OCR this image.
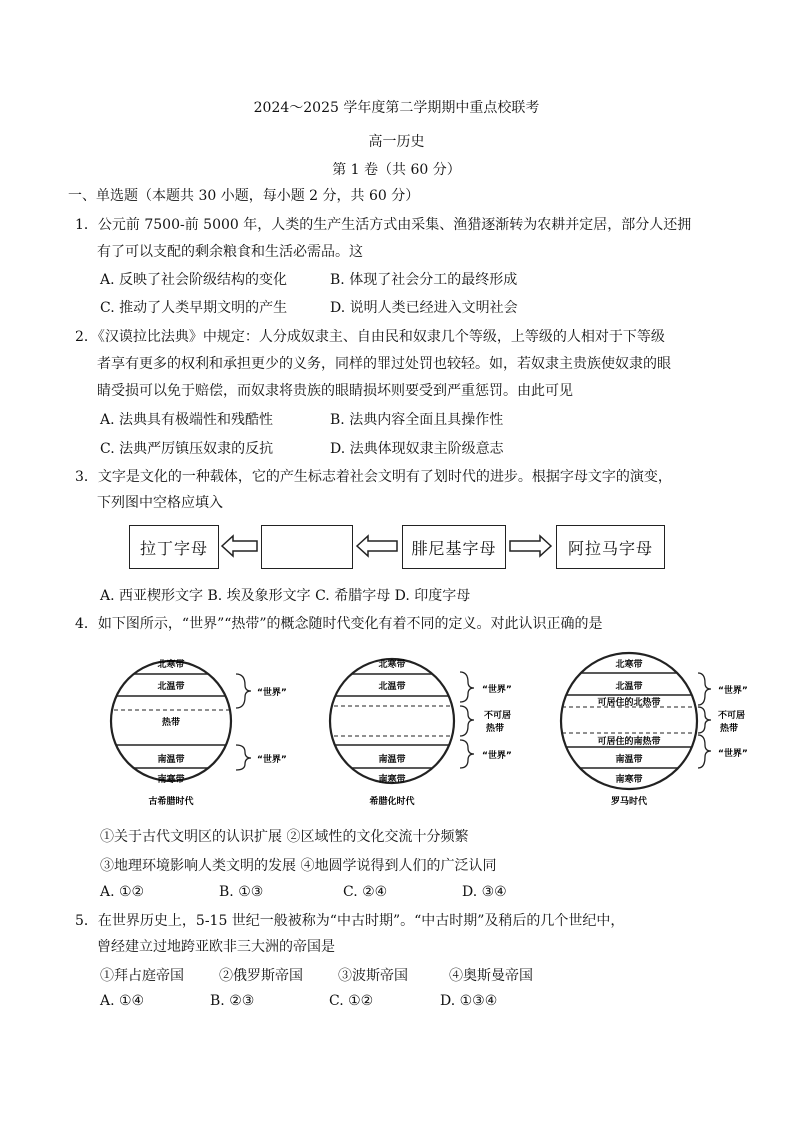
2024～2025 学年度第二学期期中重点校联考
高一历史
第 1 卷（共 60 分）
一、单选题（本题共 30 小题，每小题 2 分，共 60 分）
1．公元前 7500-前 5000 年，人类的生产生活方式由采集、渔猎逐渐转为农耕并定居，部分人还拥
有了可以支配的剩余粮食和生活必需品。这
A. 反映了社会阶级结构的变化	B. 体现了社会分工的最终形成
C. 推动了人类早期文明的产生	D. 说明人类已经进入文明社会
2．《汉谟拉比法典》中规定：人分成奴隶主、自由民和奴隶几个等级，上等级的人相对于下等级
者享有更多的权利和承担更少的义务，同样的罪过处罚也较轻。如，若奴隶主贵族使奴隶的眼
睛受损可以免于赔偿，而奴隶将贵族的眼睛损坏则要受到严重惩罚。由此可见
A. 法典具有极端性和残酷性	B. 法典内容全面且具操作性
C. 法典严厉镇压奴隶的反抗	D. 法典体现奴隶主阶级意志
3．文字是文化的一种载体，它的产生标志着社会文明有了划时代的进步。根据字母文字的演变，
下列图中空格应填入
拉丁字母	腓尼基字母	阿拉马字母
A. 西亚楔形文字 B. 埃及象形文字 C. 希腊字母 D. 印度字母
4．如下图所示，“世界”“热带”的概念随时代变化有着不同的定义。对此认识正确的是
北寒带
北温带
热带
南温带
南寒带
“世界”
“世界”
古希腊时代
北寒带
北温带
南温带
南寒带
“世界”
不可居
热带
“世界”
希腊化时代
北寒带
北温带
可居住的北热带
可居住的南热带
南温带
南寒带
“世界”
不可居
热带
“世界”
罗马时代
①关于古代文明区的认识扩展 ②区域性的文化交流十分频繁
③地理环境影响人类文明的发展 ④地圆学说得到人们的广泛认同
A. ①②	B. ①③	C. ②④	D. ③④
5．在世界历史上，5-15 世纪一般被称为“中古时期”。“中古时期”及稍后的几个世纪中，
曾经建立过地跨亚欧非三大洲的帝国是
①拜占庭帝国	②俄罗斯帝国	③波斯帝国	④奥斯曼帝国
A. ①④	B. ②③	C. ①②	D. ①③④
